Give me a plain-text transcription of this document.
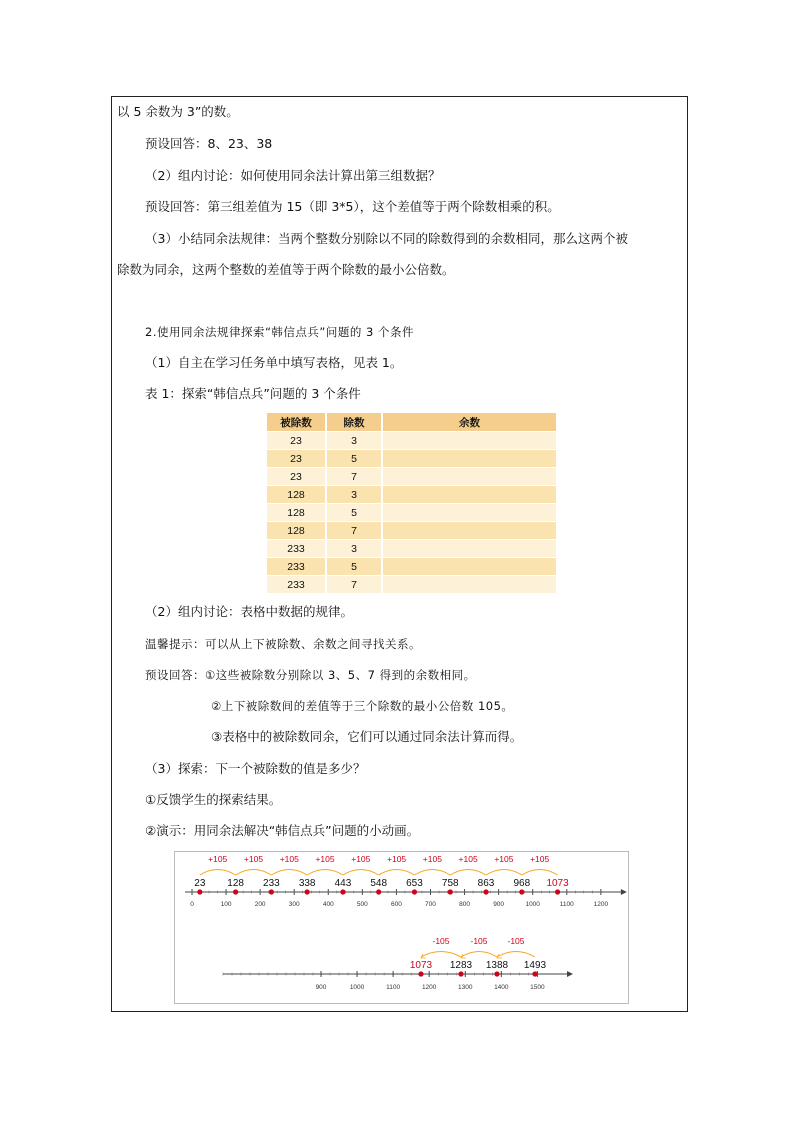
以 5 余数为 3”的数。
预设回答：8、23、38
（2）组内讨论：如何使用同余法计算出第三组数据？
预设回答：第三组差值为 15（即 3*5），这个差值等于两个除数相乘的积。
（3）小结同余法规律：当两个整数分别除以不同的除数得到的余数相同，那么这两个被
除数为同余，这两个整数的差值等于两个除数的最小公倍数。
2.使用同余法规律探索“韩信点兵”问题的 3 个条件
（1）自主在学习任务单中填写表格，见表 1。
表 1：探索“韩信点兵”问题的 3 个条件
被除数	除数	余数
23	3	
23	5	
23	7	
128	3	
128	5	
128	7	
233	3	
233	5	
233	7	
（2）组内讨论：表格中数据的规律。
温馨提示：可以从上下被除数、余数之间寻找关系。
预设回答：①这些被除数分别除以 3、5、7 得到的余数相同。
②上下被除数间的差值等于三个除数的最小公倍数 105。
③表格中的被除数同余，它们可以通过同余法计算而得。
（3）探索：下一个被除数的值是多少？
①反馈学生的探索结果。
②演示：用同余法解决“韩信点兵”问题的小动画。
0	100	200	300	400	500	600	700	800	900	1000	1100	1200
23
+105
128
+105
233
+105
338
+105
443
+105
548
+105
653
+105
758
+105
863
+105
968
+105
1073
900	1000	1100	1200	1300	1400	1500
1073
-105
1283
-105
1388
-105
1493
